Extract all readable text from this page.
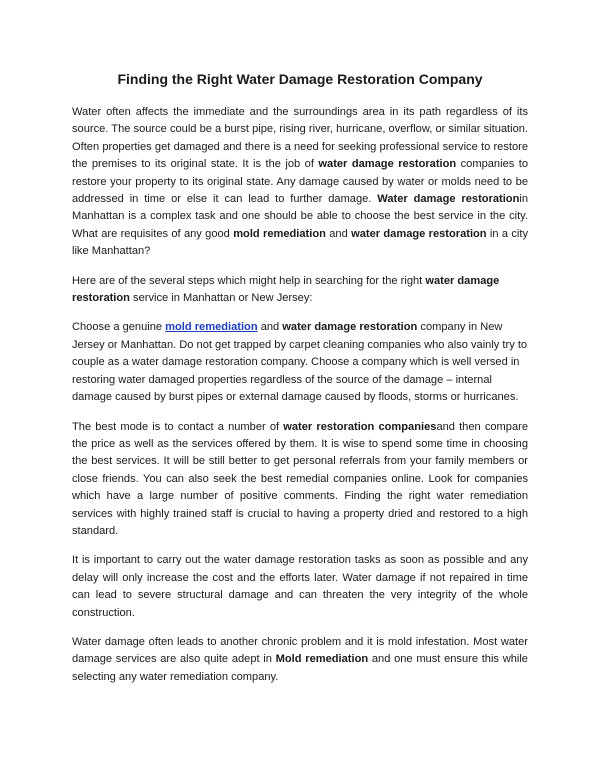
Finding the Right Water Damage Restoration Company

Water often affects the immediate and the surroundings area in its path regardless of its source. The source could be a burst pipe, rising river, hurricane, overflow, or similar situation. Often properties get damaged and there is a need for seeking professional service to restore the premises to its original state. It is the job of water damage restoration companies to restore your property to its original state. Any damage caused by water or molds need to be addressed in time or else it can lead to further damage. Water damage restorationin Manhattan is a complex task and one should be able to choose the best service in the city. What are requisites of any good mold remediation and water damage restoration in a city like Manhattan?

Here are of the several steps which might help in searching for the right water damage restoration service in Manhattan or New Jersey:

Choose a genuine mold remediation and water damage restoration company in New Jersey or Manhattan. Do not get trapped by carpet cleaning companies who also vainly try to couple as a water damage restoration company. Choose a company which is well versed in restoring water damaged properties regardless of the source of the damage – internal damage caused by burst pipes or external damage caused by floods, storms or hurricanes.

The best mode is to contact a number of water restoration companiesand then compare the price as well as the services offered by them. It is wise to spend some time in choosing the best services. It will be still better to get personal referrals from your family members or close friends. You can also seek the best remedial companies online. Look for companies which have a large number of positive comments. Finding the right water remediation services with highly trained staff is crucial to having a property dried and restored to a high standard.

It is important to carry out the water damage restoration tasks as soon as possible and any delay will only increase the cost and the efforts later. Water damage if not repaired in time can lead to severe structural damage and can threaten the very integrity of the whole construction.

Water damage often leads to another chronic problem and it is mold infestation. Most water damage services are also quite adept in Mold remediation and one must ensure this while selecting any water remediation company.
